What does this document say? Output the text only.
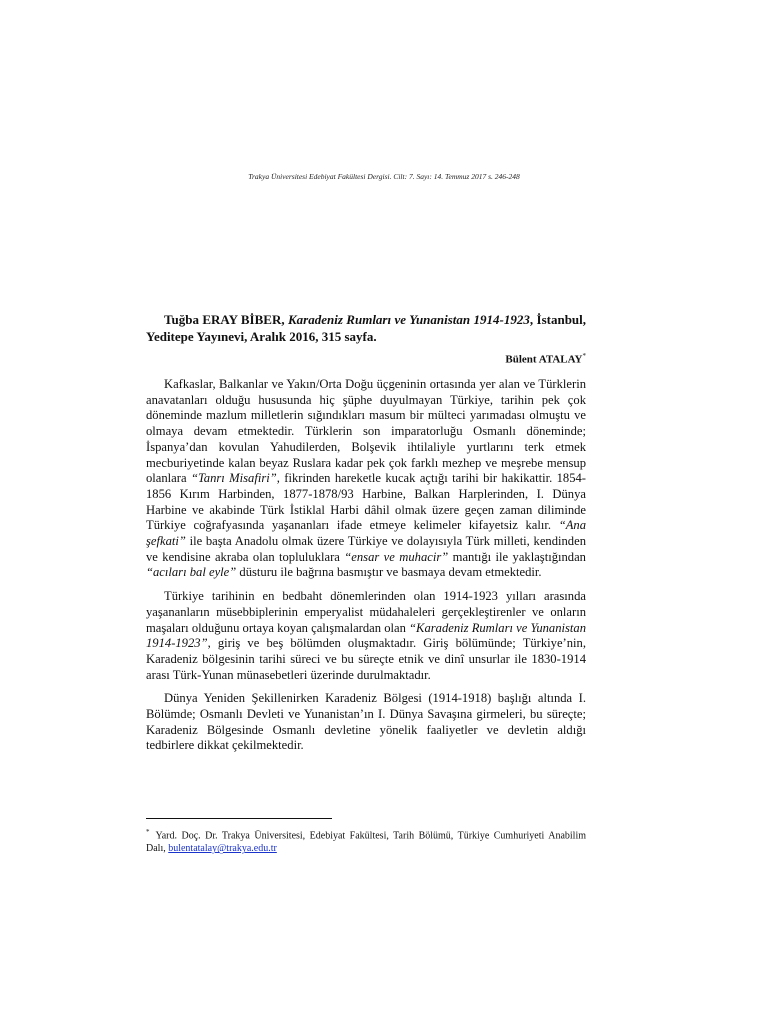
Trakya Üniversitesi Edebiyat Fakültesi Dergisi. Cilt: 7. Sayı: 14. Temmuz 2017 s. 246-248
Tuğba ERAY BİBER, Karadeniz Rumları ve Yunanistan 1914-1923, İstanbul, Yeditepe Yayınevi, Aralık 2016, 315 sayfa.
Bülent ATALAY*

Kafkaslar, Balkanlar ve Yakın/Orta Doğu üçgeninin ortasında yer alan ve Türklerin anavatanları olduğu hususunda hiç şüphe duyulmayan Türkiye, tarihin pek çok döneminde mazlum milletlerin sığındıkları masum bir mülteci yarımadası olmuştu ve olmaya devam etmektedir. Türklerin son imparatorluğu Osmanlı döneminde; İspanya’dan kovulan Yahudilerden, Bolşevik ihtilaliyle yurtlarını terk etmek mecburiyetinde kalan beyaz Ruslara kadar pek çok farklı mezhep ve meşrebe mensup olanlara “Tanrı Misafiri”, fikrinden hareketle kucak açtığı tarihi bir hakikattir. 1854-1856 Kırım Harbinden, 1877-1878/93 Harbine, Balkan Harplerinden, I. Dünya Harbine ve akabinde Türk İstiklal Harbi dâhil olmak üzere geçen zaman diliminde Türkiye coğrafyasında yaşananları ifade etmeye kelimeler kifayetsiz kalır. “Ana şefkati” ile başta Anadolu olmak üzere Türkiye ve dolayısıyla Türk milleti, kendinden ve kendisine akraba olan topluluklara “ensar ve muhacir” mantığı ile yaklaştığından “acıları bal eyle” düsturu ile bağrına basmıştır ve basmaya devam etmektedir.

Türkiye tarihinin en bedbaht dönemlerinden olan 1914-1923 yılları arasında yaşananların müsebbiplerinin emperyalist müdahaleleri gerçekleştirenler ve onların maşaları olduğunu ortaya koyan çalışmalardan olan “Karadeniz Rumları ve Yunanistan 1914-1923”, giriş ve beş bölümden oluşmaktadır. Giriş bölümünde; Türkiye’nin, Karadeniz bölgesinin tarihi süreci ve bu süreçte etnik ve dinî unsurlar ile 1830-1914 arası Türk-Yunan münasebetleri üzerinde durulmaktadır.

Dünya Yeniden Şekillenirken Karadeniz Bölgesi (1914-1918) başlığı altında I. Bölümde; Osmanlı Devleti ve Yunanistan’ın I. Dünya Savaşına girmeleri, bu süreçte; Karadeniz Bölgesinde Osmanlı devletine yönelik faaliyetler ve devletin aldığı tedbirlere dikkat çekilmektedir.

* Yard. Doç. Dr. Trakya Üniversitesi, Edebiyat Fakültesi, Tarih Bölümü, Türkiye Cumhuriyeti Anabilim Dalı, bulentatalay@trakya.edu.tr
